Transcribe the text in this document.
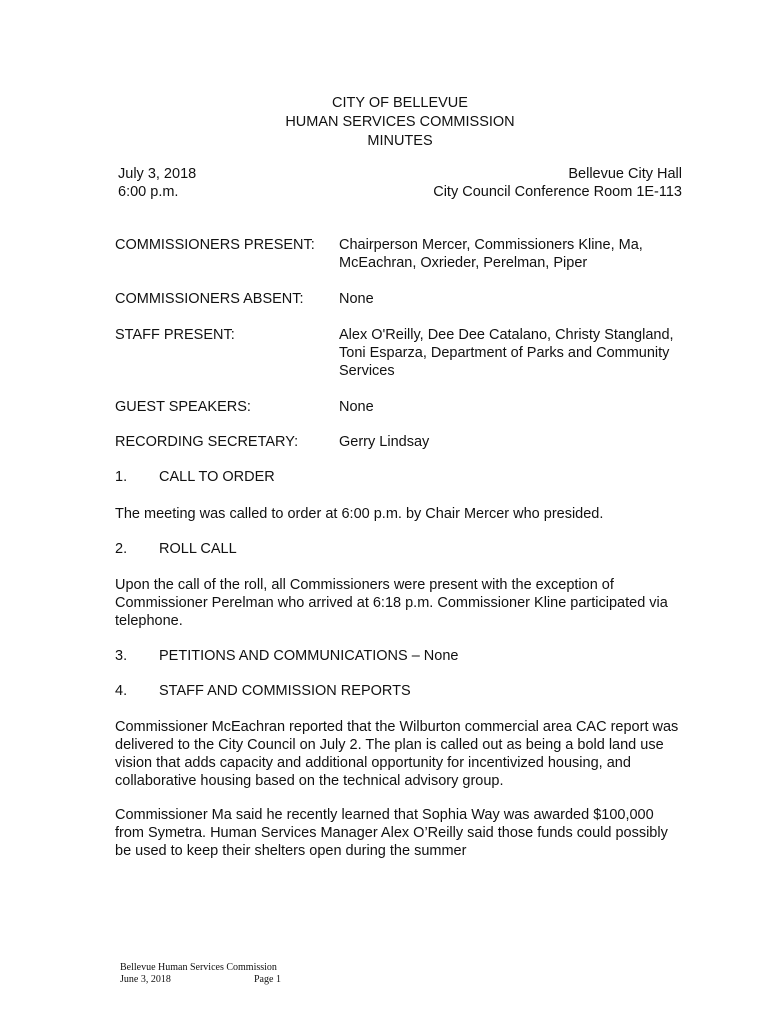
CITY OF BELLEVUE
HUMAN SERVICES COMMISSION
MINUTES
July 3, 2018
6:00 p.m.
Bellevue City Hall
City Council Conference Room 1E-113
COMMISSIONERS PRESENT: Chairperson Mercer, Commissioners Kline, Ma, McEachran, Oxrieder, Perelman, Piper
COMMISSIONERS ABSENT: None
STAFF PRESENT:	Alex O'Reilly, Dee Dee Catalano, Christy Stangland, Toni Esparza, Department of Parks and Community Services
GUEST SPEAKERS:	None
RECORDING SECRETARY:	Gerry Lindsay
1. CALL TO ORDER
The meeting was called to order at 6:00 p.m. by Chair Mercer who presided.
2. ROLL CALL
Upon the call of the roll, all Commissioners were present with the exception of Commissioner Perelman who arrived at 6:18 p.m. Commissioner Kline participated via telephone.
3. PETITIONS AND COMMUNICATIONS – None
4. STAFF AND COMMISSION REPORTS
Commissioner McEachran reported that the Wilburton commercial area CAC report was delivered to the City Council on July 2. The plan is called out as being a bold land use vision that adds capacity and additional opportunity for incentivized housing, and collaborative housing based on the technical advisory group.
Commissioner Ma said he recently learned that Sophia Way was awarded $100,000 from Symetra. Human Services Manager Alex O’Reilly said those funds could possibly be used to keep their shelters open during the summer
Bellevue Human Services Commission
June 3, 2018	Page 1
